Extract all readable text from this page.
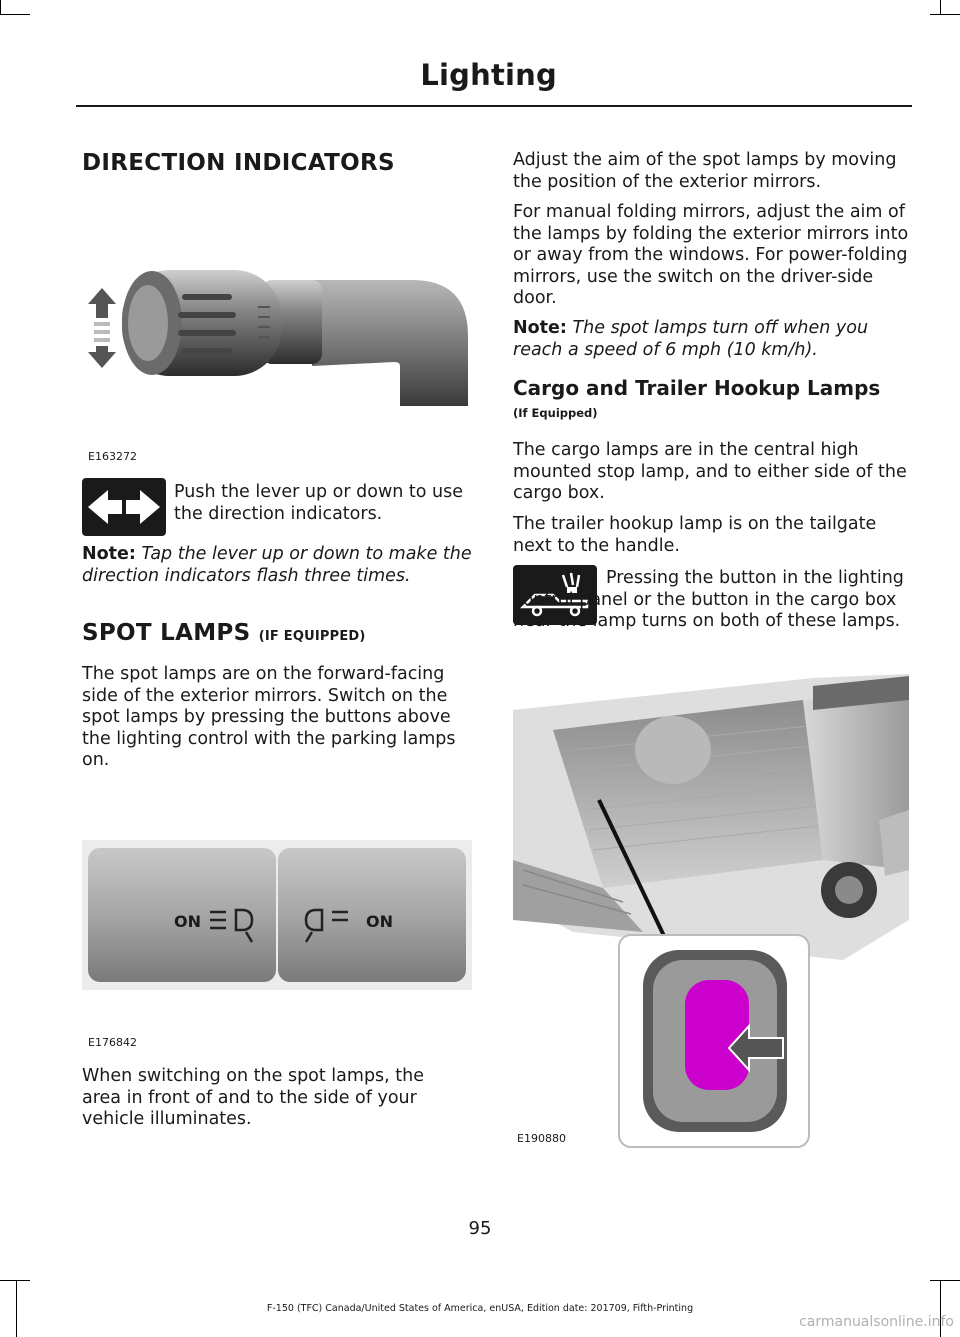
Lighting
DIRECTION INDICATORS
E163272

Push the lever up or down to use the direction indicators.

Note: Tap the lever up or down to make the direction indicators flash three times.

SPOT LAMPS (IF EQUIPPED)

The spot lamps are on the forward-facing side of the exterior mirrors. Switch on the spot lamps by pressing the buttons above the lighting control with the parking lamps on.

ON	ON
E176842

When switching on the spot lamps, the area in front of and to the side of your vehicle illuminates.

Adjust the aim of the spot lamps by moving the position of the exterior mirrors.

For manual folding mirrors, adjust the aim of the lamps by folding the exterior mirrors into or away from the windows. For power-folding mirrors, use the switch on the driver-side door.

Note: The spot lamps turn off when you reach a speed of 6 mph (10 km/h).

Cargo and Trailer Hookup Lamps

(If Equipped)

The cargo lamps are in the central high mounted stop lamp, and to either side of the cargo box.

The trailer hookup lamp is on the tailgate next to the handle.

Pressing the button in the lighting control panel or the button in the cargo box near the lamp turns on both of these lamps.

E190880
95
F-150 (TFC) Canada/United States of America, enUSA, Edition date: 201709, Fifth-Printing
carmanualsonline.info
